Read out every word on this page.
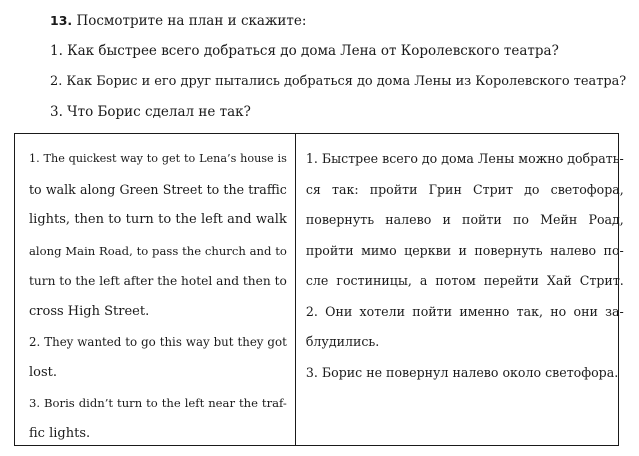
13. Посмотрите на план и скажите:
1. Как быстрее всего добраться до дома Лена от Королевского театра?
2. Как Борис и его друг пытались добраться до дома Лены из Королевского театра?
3. Что Борис сделал не так?
1. The quickest way to get to Lena’s house is
to walk along Green Street to the traffic
lights, then to turn to the left and walk
along Main Road, to pass the church and to
turn to the left after the hotel and then to
cross High Street.
2. They wanted to go this way but they got
lost.
3. Boris didn’t turn to the left near the traf-
fic lights.
1. Быстрее всего до дома Лены можно добрать-
ся так: пройти Грин Стрит до светофора,
повернуть налево и пойти по Мейн Роад,
пройти мимо церкви и повернуть налево по-
сле гостиницы, а потом перейти Хай Стрит.
2. Они хотели пойти именно так, но они за-
блудились.
3. Борис не повернул налево около светофора.
